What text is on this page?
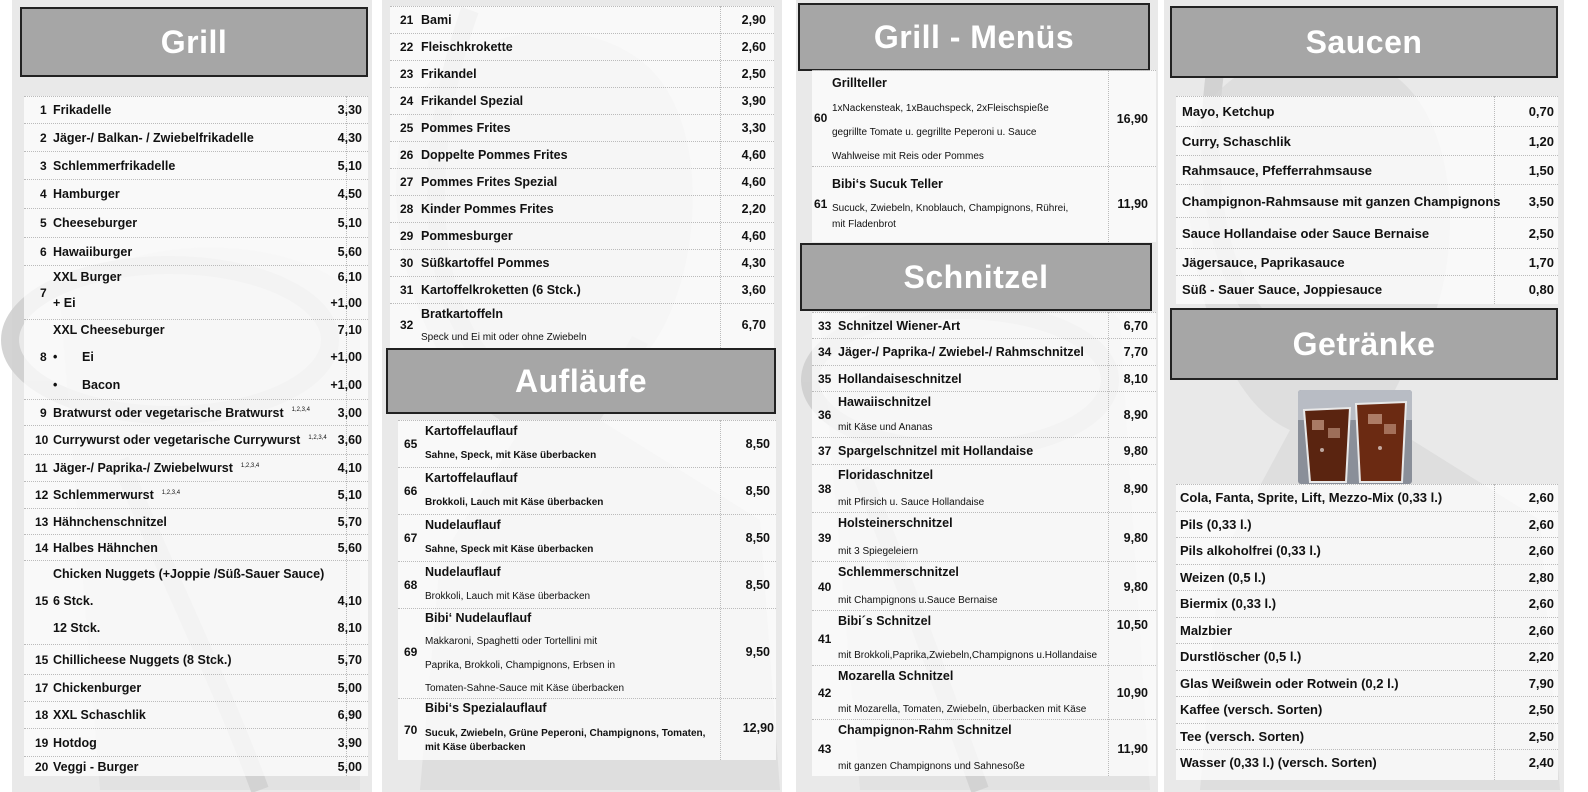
Grill
1 Frikadelle	3,30
2 Jäger-/ Balkan- / Zwiebelfrikadelle	4,30
3 Schlemmerfrikadelle	5,10
4 Hamburger	4,50
5 Cheeseburger	5,10
6 Hawaiiburger	5,60
7
XXL Burger	6,10
+ Ei	+1,00
8
XXL Cheeseburger	7,10
• Ei	+1,00
• Bacon	+1,00
9 Bratwurst oder vegetarische Bratwurst $^{1,2,3,4}$ 3,00
10 Currywurst oder vegetarische Currywurst $^{1,2,3,4}$ 3,60
11 Jäger-/ Paprika-/ Zwiebelwurst $^{1,2,3,4}$	4,10
12 Schlemmerwurst $^{1,2,3,4}$	5,10
13 Hähnchenschnitzel	5,70
14 Halbes Hähnchen	5,60
Chicken Nuggets (+Joppie /Süß-Sauer Sauce)
15 6 Stck.	4,10
12 Stck.	8,10
15 Chillicheese Nuggets (8 Stck.)	5,70
17 Chickenburger	5,00
18 XXL Schaschlik	6,90
19 Hotdog	3,90
20 Veggi - Burger	5,00
21 Bami	2,90
22 Fleischkrokette	2,60
23 Frikandel	2,50
24 Frikandel Spezial	3,90
25 Pommes Frites	3,30
26 Doppelte Pommes Frites	4,60
27 Pommes Frites Spezial	4,60
28 Kinder Pommes Frites	2,20
29 Pommesburger	4,60
30 Süßkartoffel Pommes	4,30
31 Kartoffelkroketten (6 Stck.)	3,60
32
Bratkartoffeln
Speck und Ei mit oder ohne Zwiebeln
6,70
Aufläufe
65
Kartoffelauflauf
Sahne, Speck, mit Käse überbacken
8,50
66
Kartoffelauflauf
Brokkoli, Lauch mit Käse überbacken
8,50
67
Nudelauflauf
Sahne, Speck mit Käse überbacken
8,50
68
Nudelauflauf
Brokkoli, Lauch mit Käse überbacken
8,50
69
Bibi‘ Nudelauflauf
Makkaroni, Spaghetti oder Tortellini mit
Paprika, Brokkoli, Champignons, Erbsen in
Tomaten-Sahne-Sauce mit Käse überbacken
9,50
70
Bibi‘s Spezialauflauf
Sucuk, Zwiebeln, Grüne Peperoni, Champignons, Tomaten,
mit Käse überbacken
12,90
Grill - Menüs
60
Grillteller
1xNackensteak, 1xBauchspeck, 2xFleischspieße
gegrillte Tomate u. gegrillte Peperoni u. Sauce
Wahlweise mit Reis oder Pommes
16,90
61
Bibi‘s Sucuk Teller
Sucuck, Zwiebeln, Knoblauch, Champignons, Rühre​i,
mit Fladenbrot
11,90
Schnitzel
33 Schnitzel Wiener-Art	6,70
34 Jäger-/ Paprika-/ Zwiebel-/ Rahmschnitzel	7,70
35 Hollandaiseschnitzel	8,10
36
Hawaiischnitzel
mit Käse und Ananas
8,90
37 Spargelschnitzel mit Hollandaise	9,80
38
Floridaschnitzel
mit Pfirsich u. Sauce Hollandaise
8,90
39
Holsteinerschnitzel
mit 3 Spiegeleiern
9,80
40
Schlemmerschnitzel
mit Champignons u.Sauce Bernaise
9,80
41
Bibi´s Schnitzel
mit Brokkoli,Paprika,Zwiebeln,Champignons u.Hollandaise
10,50
42
Mozarella Schnitzel
mit Mozarella, Tomaten, Zwiebeln, überbacken mit Käse
10,90
43
Champignon-Rahm Schnitzel
mit ganzen Champignons und Sahnesoße
11,90
Saucen
Mayo, Ketchup	0,70
Curry, Schaschlik	1,20
Rahmsauce, Pfefferrahmsause	1,50
Champignon-Rahmsause mit ganzen Champignons 3,50
Sauce Hollandaise oder Sauce Bernaise	2,50
Jägersauce, Paprikasauce	1,70
Süß - Sauer Sauce, Joppiesauce	0,80
Getränke
Cola, Fanta, Sprite, Lift, Mezzo-Mix (0,33 l.)	2,60
Pils (0,33 l.)	2,60
Pils alkoholfrei (0,33 l.)	2,60
Weizen (0,5 l.)	2,80
Biermix (0,33 l.)	2,60
Malzbier	2,60
Durstlöscher (0,5 l.)	2,20
Glas Weißwein oder Rotwein (0,2 l.)	7,90
Kaffee (versch. Sorten)	2,50
Tee (versch. Sorten)	2,50
Wasser (0,33 l.) (versch. Sorten)	2,40
